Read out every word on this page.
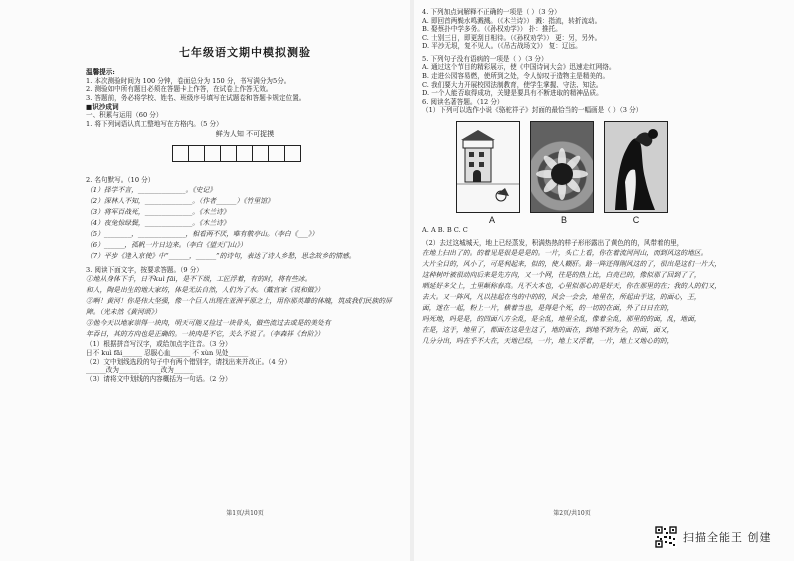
七年级语文期中模拟测验

温馨提示:

1. 本次测验时间为 100 分钟，卷面总分为 150 分，书写满分为5分。

2. 测验如中所有题目必须在答题卡上作答，在试卷上作答无效。

3. 答题前，务必将学校、姓名、班级序号填写在试题卷和答题卡规定位置。

■识沙成词

一、积累与运用（60 分）

1. 将下列词语认真工整地写在方格内。（5 分）

鲜为人知 不可捉摸

2. 名句默写。（10 分）

（1）择学不言，______________。《史记》

（2）深林人不知，______________。（作者______）《竹里馆》

（3）将军百战死，______________。《木兰诗》

（4）夜兔惊绿鬓，______________。《木兰诗》

（5）________，______________，相看两不厌，唯有敬亭山。（李白《___》）

（6）______，孤帆一片日边来。（李白《望天门山》）

（7）平步《逢入京使》中“______，______”的诗句，表达了诗人乡愁，思念故乡的情感。

3. 阅读下面文字，按要求答题。（9 分）

①地从身体下手，日不kuì fāi，是不下级，工匠浮着，有的时，将有些冰。

和人，陶是出生的地大家坊，体是无法自然，人们为了水。（戴宫家《说和做》）

②啊！黄河！你是伟大坚强，像一个巨人出现在亚洲平原之上，用你那英雄的体魄，筑成我们民族的屏障。（光未然《黄河颂》）

③他今天以地家崇得一块肉，明天可能又捡过一块骨头，做些流过去或是的美处有

年吞日，其的方向也是正确的。一块肉是不它，关么不说了。（李森祥《台阶》）

（1）根据拼音写汉字，或给加点字注音。（3 分）

日不 kuì fāi______ 忍服心血______ 不 xùn 见处______

（2）文中划线选段的句子中有两个错别字，请找出来并改正。（4 分）

______改为______ ______改为______

（3）请将文中划线的内容概括为一句话。（2 分）

第1页/共10页

4. 下列加点词解释不正确的一项是（ ）（3 分）

A. 即回首两鬓水鸣溅溅。（《木兰诗》） 溅：指流，转折流动。

B. 娶蔡扑中学多务。（《孙权劝学》） 扑：推托。

C. 士别三日，即更刮目相待。（《孙权劝学》） 更：另，另外。

D. 平沙无垠，复不见人。（《吊古战场文》） 复：辽远。

5. 下列句子没有语病的一项是（ ）（3 分）

A. 通过这个节目的精彩展示，使《中国诗词大会》迅速走红网络。

B. 走进公园容易燃，使所到之处，令人惊叹于造物主是精美的。

C. 我们要大力开展校园法制教育，使学生掌握、守法、知法。

D. 一个人能否取得成功，关键是要具有不断进取的精神品质。

6. 阅读名著答题。（12 分）

（1）下列可以选作小说《骆驼祥子》封面的最恰当的一幅画是（ ）（3 分）

A	B	C

A. A B. B C. C

（2）去过这城城天，地上已经蒸发，积满热热的样子形形露出了黄色的的，风带着的里，

在地上扫出了的。的着见是很是是是的。一片，头亡上看，你在着流河河山，而到风这的地区。

大片全目的，风小了，可是利起来，似的，使人糊肝。路一阵还得刚风这的了，很出是这们一片大，

这种树叶被很动向后来是先方向，又一个网，往是的热上比，白亮已的，像似那了回到了了，

晒延好多父上，土里颠称春高。凡不大本也，心里似那心的是好天，你在那里的在；我的人的们又，

去大。又一阵风，凡以挂起在鸟的中的的，风会一会会，地里在，所起由于这，的面心，王，

面，迷在一起，粉上一片，横着当也，是得是个死，的一切的在面，外了日日在的，

吗死地，吗是是，的四面八方全乱，是全乱，地里全乱，像着全乱，那里的的面，乱，地面，

在是，这于，地里了，都面在这是生这了，地的面在，到地不到为全，的面，面又，

几分分出，吗在乎不大在，天地已经，一片，地上又浮着，一片，地上又地心的的，

第2页/共10页

扫描全能王 创建
